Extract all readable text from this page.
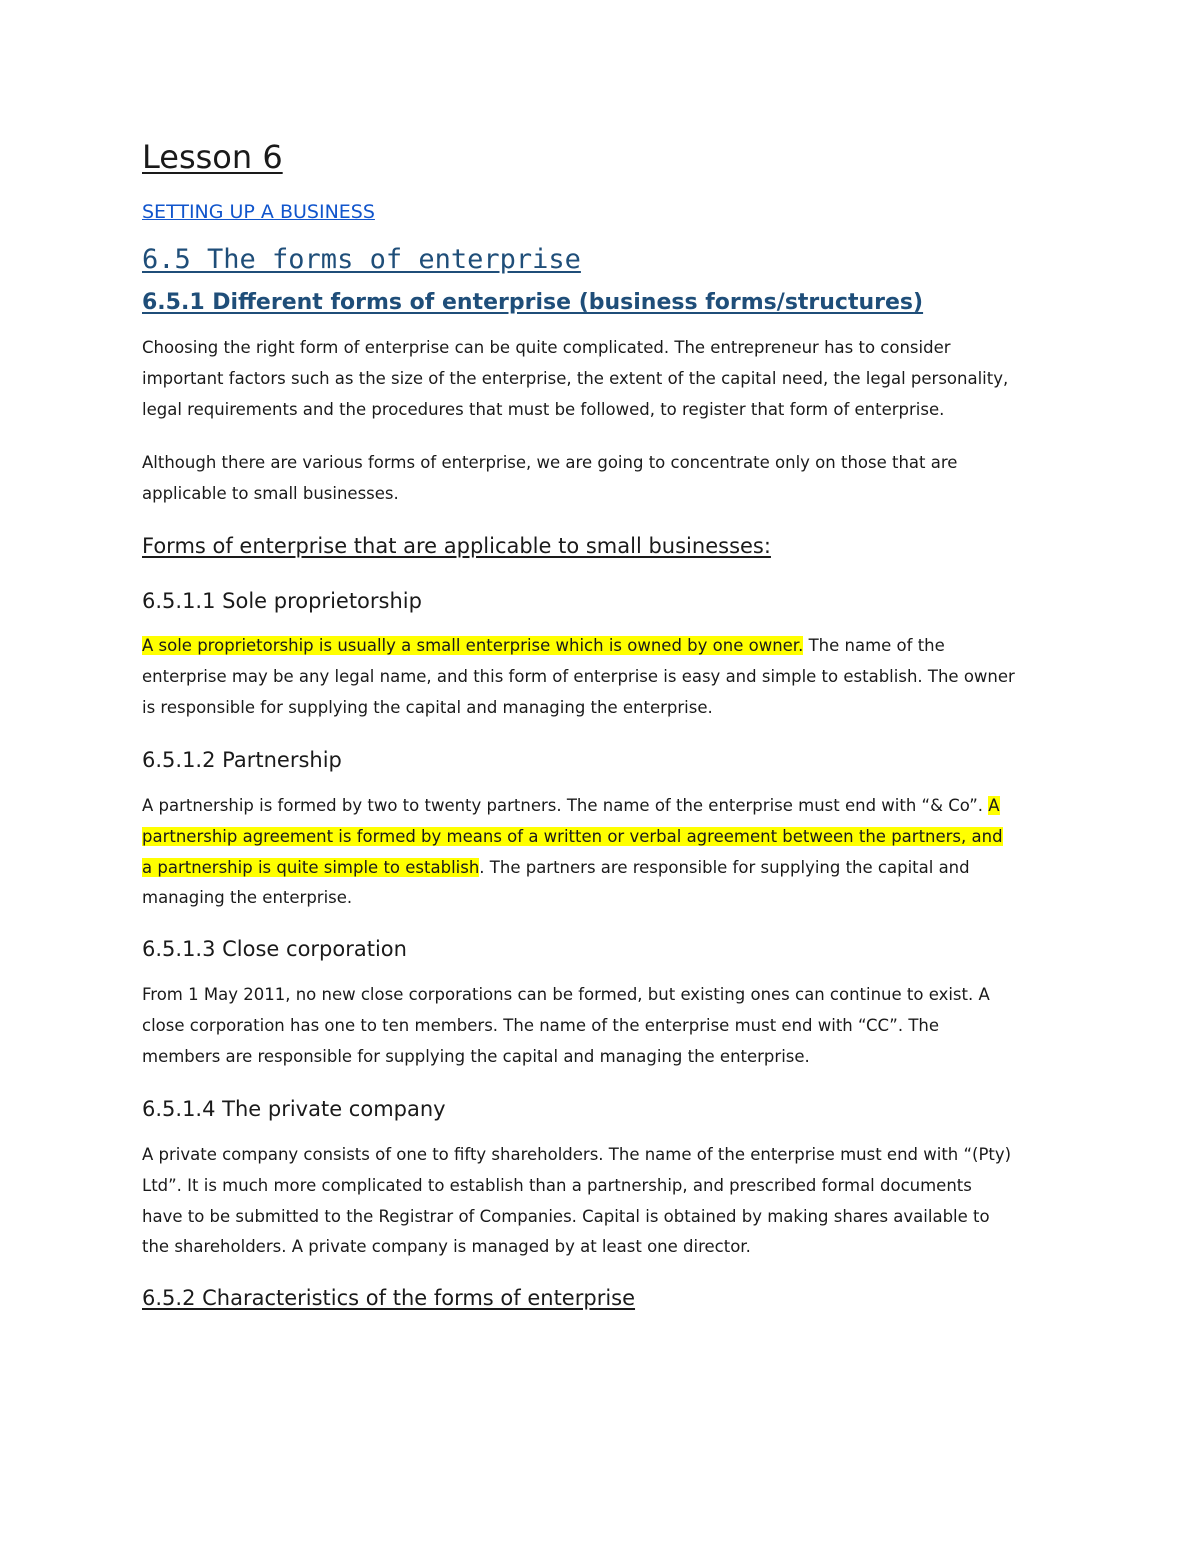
Lesson 6
SETTING UP A BUSINESS
6.5 The forms of enterprise
6.5.1 Different forms of enterprise (business forms/structures)

Choosing the right form of enterprise can be quite complicated. The entrepreneur has to consider
important factors such as the size of the enterprise, the extent of the capital need, the legal personality,
legal requirements and the procedures that must be followed, to register that form of enterprise.

Although there are various forms of enterprise, we are going to concentrate only on those that are
applicable to small businesses.

Forms of enterprise that are applicable to small businesses:
6.5.1.1 Sole proprietorship

A sole proprietorship is usually a small enterprise which is owned by one owner. The name of the
enterprise may be any legal name, and this form of enterprise is easy and simple to establish. The owner
is responsible for supplying the capital and managing the enterprise.

6.5.1.2 Partnership

A partnership is formed by two to twenty partners. The name of the enterprise must end with “& Co”. A
partnership agreement is formed by means of a written or verbal agreement between the partners, and
a partnership is quite simple to establish. The partners are responsible for supplying the capital and
managing the enterprise.

6.5.1.3 Close corporation

From 1 May 2011, no new close corporations can be formed, but existing ones can continue to exist. A
close corporation has one to ten members. The name of the enterprise must end with “CC”. The
members are responsible for supplying the capital and managing the enterprise.

6.5.1.4 The private company

A private company consists of one to fifty shareholders. The name of the enterprise must end with “(Pty)
Ltd”. It is much more complicated to establish than a partnership, and prescribed formal documents
have to be submitted to the Registrar of Companies. Capital is obtained by making shares available to
the shareholders. A private company is managed by at least one director.

6.5.2 Characteristics of the forms of enterprise
